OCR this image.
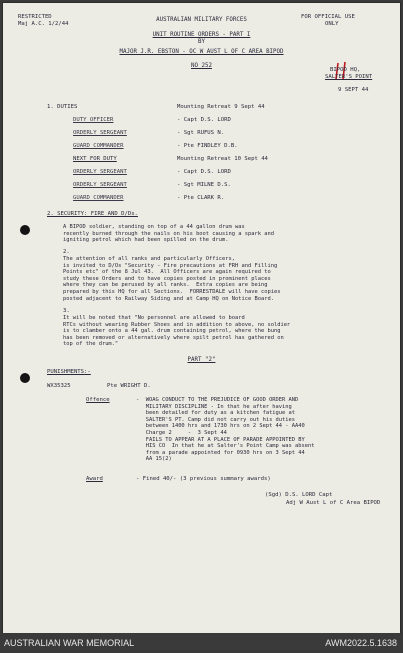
RESTRICTED
Maj A.C. 1/2/44
FOR OFFICIAL USE
ONLY
AUSTRALIAN MILITARY FORCES
UNIT ROUTINE ORDERS - PART I
BY
MAJOR J.R. EBSTON - OC W AUST L OF C AREA BIPOD
NO 252
BIPOD HQ,
SALTER'S POINT
9 SEPT 44
1. DUTIES	Mounting Retreat 9 Sept 44
DUTY OFFICER	- Capt D.S. LORD
ORDERLY SERGEANT	- Sgt RUFUS N.
GUARD COMMANDER	- Pte FINDLEY D.B.
NEXT FOR DUTY	Mounting Retreat 10 Sept 44
ORDERLY SERGEANT	- Capt D.S. LORD
ORDERLY SERGEANT	- Sgt MILNE D.S.
GUARD COMMANDER	- Pte CLARK R.
2. SECURITY: FIRE AND D/Ds.
A BIPOD soldier, standing on top of a 44 gallon drum was
recently burned through the nails on his boot causing a spark and
igniting petrol which had been spilled on the drum.
2.
The attention of all ranks and particularly Officers,
is invited to D/Os "Security - Fire precautions at FRH and Filling
Points etc" of the 8 Jul 43.  All Officers are again required to
study these Orders and to have copies posted in prominent places
where they can be perused by all ranks.  Extra copies are being
prepared by this HQ for all Sections.  FORRESTDALE will have copies
posted adjacent to Railway Siding and at Camp HQ on Notice Board.
3.
It will be noted that "No personnel are allowed to board
RTCs without wearing Rubber Shoes and in addition to above, no soldier
is to clamber onto a 44 gal. drum containing petrol, where the bung
has been removed or alternatively where spilt petrol has gathered on
top of the drum."
PART "2"
PUNISHMENTS:-
WX35325	Pte WRIGHT D.
Offence	-  WOAG CONDUCT TO THE PREJUDICE OF GOOD ORDER AND
MILITARY DISCIPLINE - In that he after having
been detailed for duty as a kitchen fatigue at
SALTER'S PT. Camp did not carry out his duties
between 1400 hrs and 1730 hrs on 2 Sept 44 - AA40
Charge 2     -  3 Sept 44
FAILS TO APPEAR AT A PLACE OF PARADE APPOINTED BY
HIS CO  In that he at Salter's Point Camp was absent
from a parade appointed for 0930 hrs on 3 Sept 44
AA 15(2)
Award	- Fined 40/- (3 previous summary awards)
(Sgd) D.S. LORD Capt
Adj W Aust L of C Area BIPOD
AUSTRALIAN WAR MEMORIAL	AWM2022.5.1638
